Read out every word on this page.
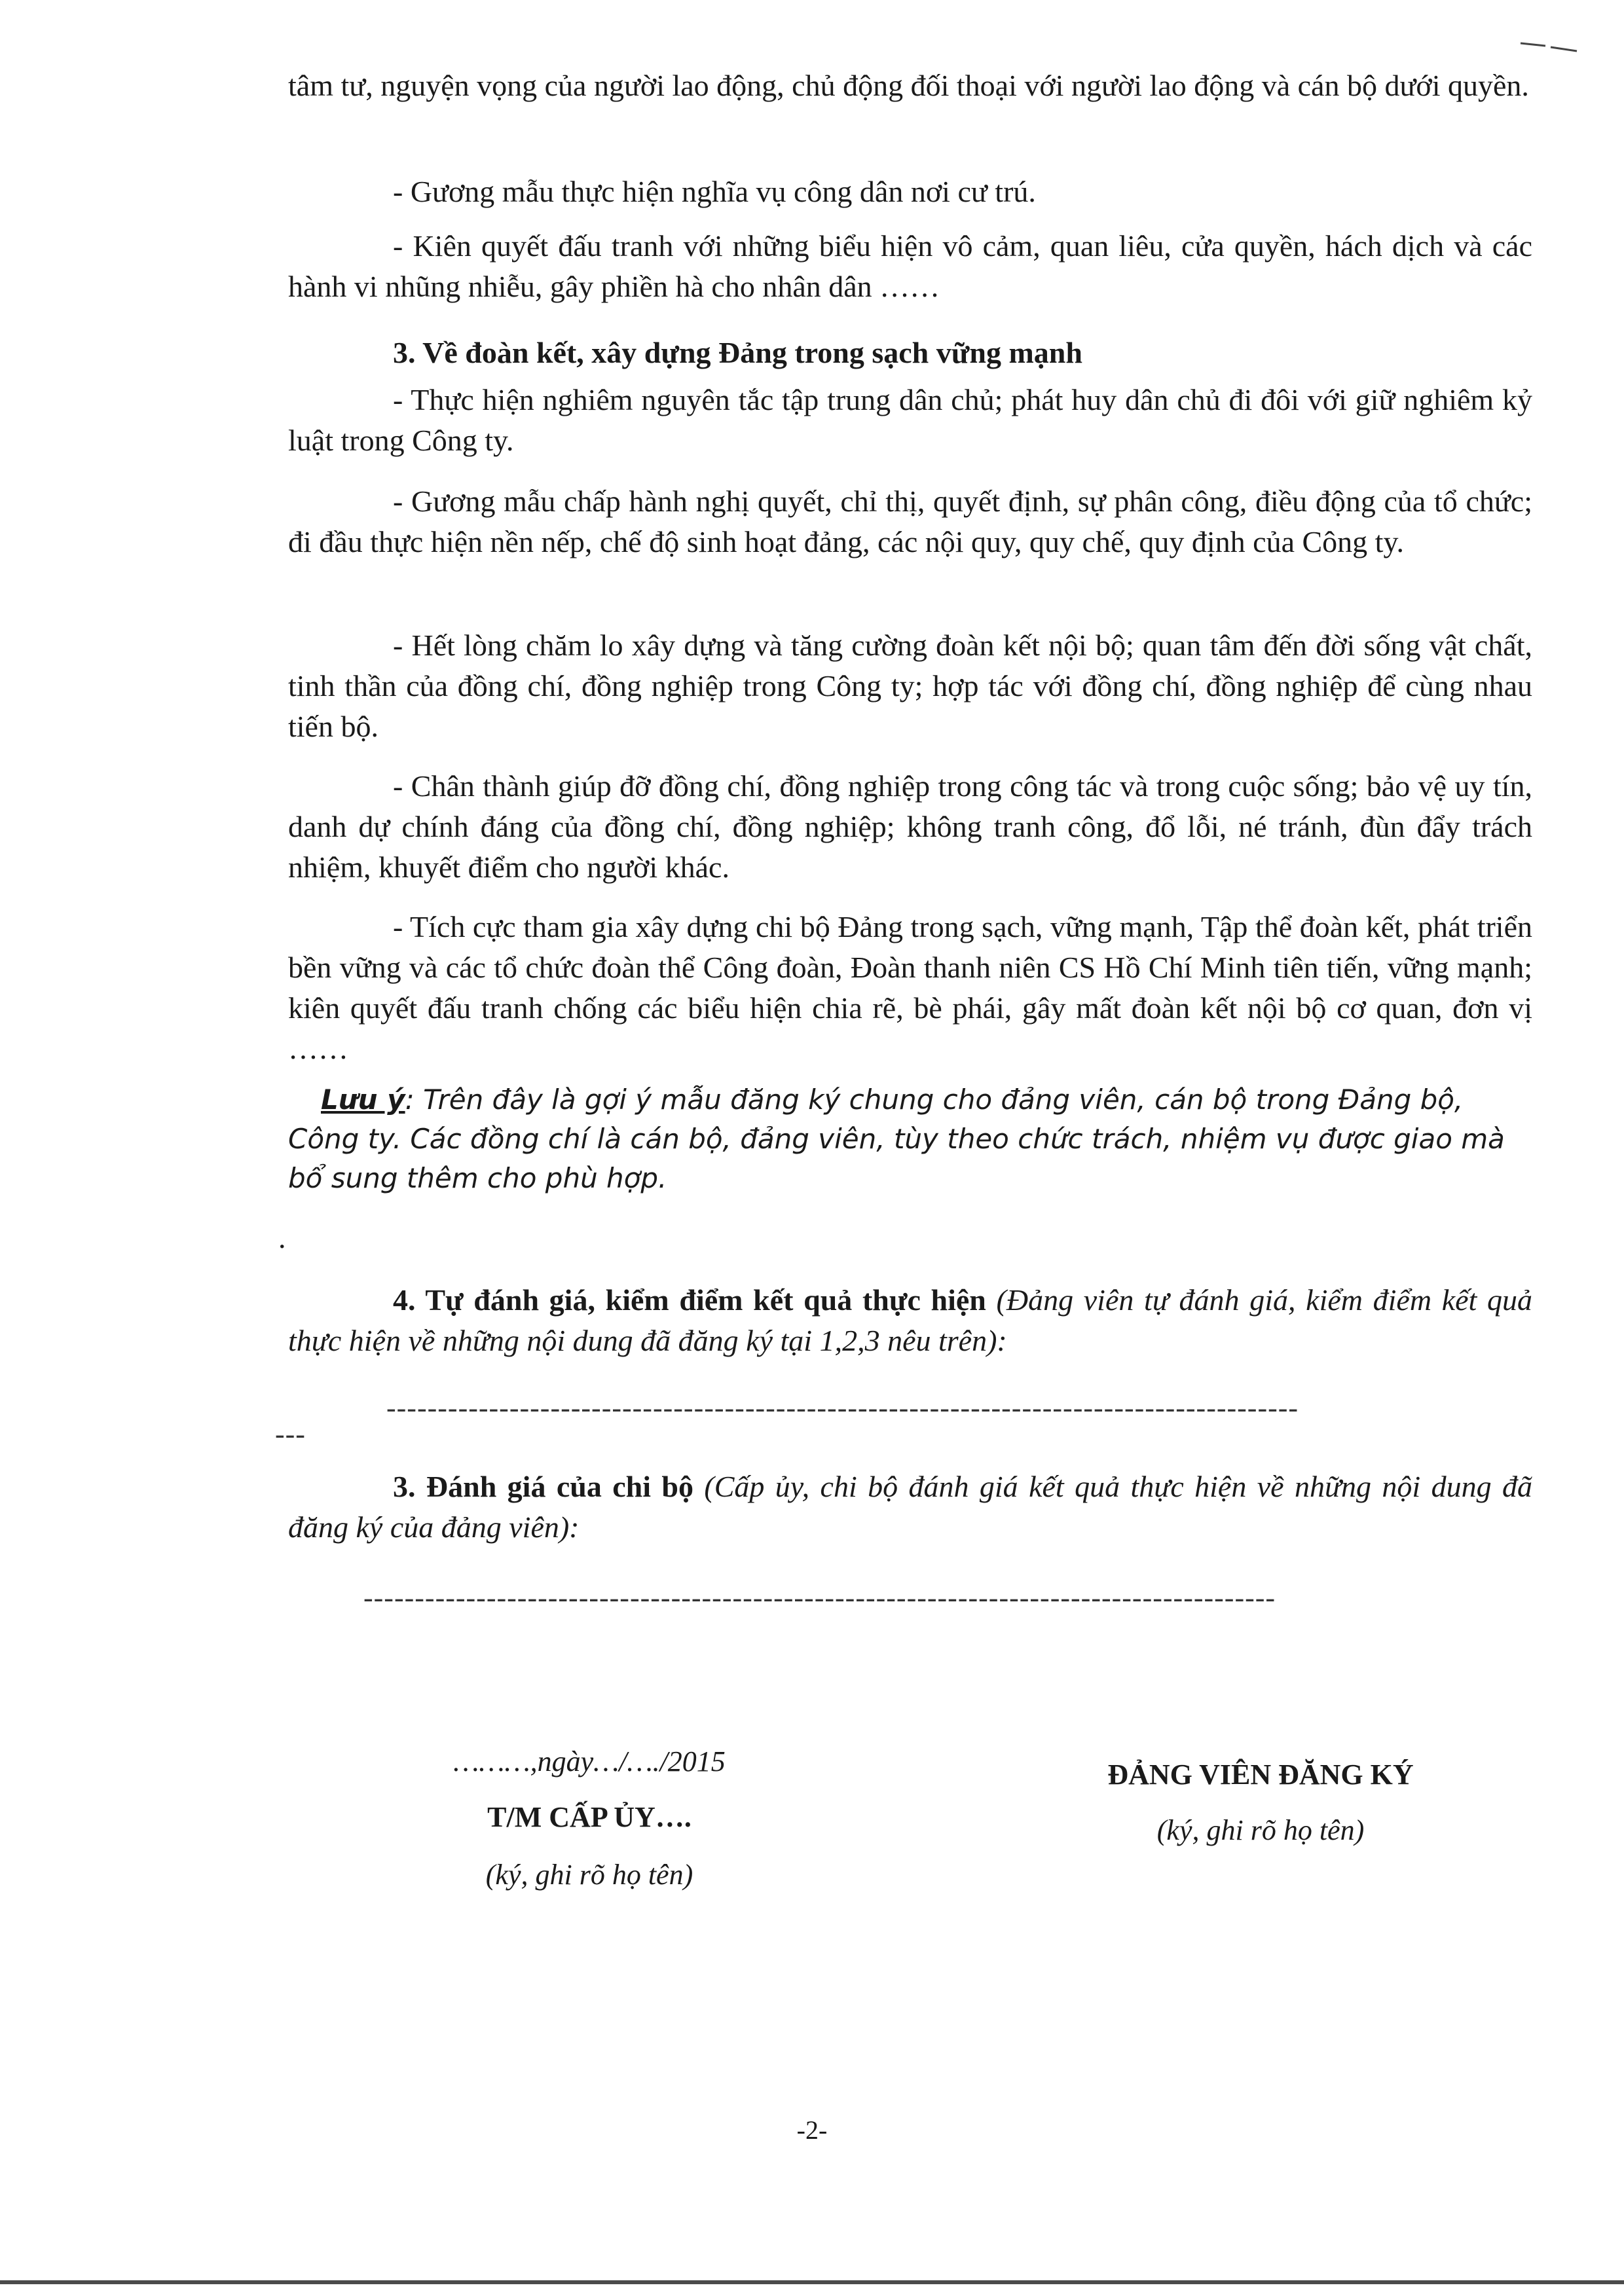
tâm tư, nguyện vọng của người lao động, chủ động đối thoại với người lao động và cán bộ dưới quyền.
- Gương mẫu thực hiện nghĩa vụ công dân nơi cư trú.
- Kiên quyết đấu tranh với những biểu hiện vô cảm, quan liêu, cửa quyền, hách dịch và các hành vi nhũng nhiễu, gây phiền hà cho nhân dân ……
3. Về đoàn kết, xây dựng Đảng trong sạch vững mạnh
- Thực hiện nghiêm nguyên tắc tập trung dân chủ; phát huy dân chủ đi đôi với giữ nghiêm kỷ luật trong Công ty.
- Gương mẫu chấp hành nghị quyết, chỉ thị, quyết định, sự phân công, điều động của tổ chức; đi đầu thực hiện nền nếp, chế độ sinh hoạt đảng, các nội quy, quy chế, quy định của Công ty.
- Hết lòng chăm lo xây dựng và tăng cường đoàn kết nội bộ; quan tâm đến đời sống vật chất, tinh thần của đồng chí, đồng nghiệp trong Công ty; hợp tác với đồng chí, đồng nghiệp để cùng nhau tiến bộ.
- Chân thành giúp đỡ đồng chí, đồng nghiệp trong công tác và trong cuộc sống; bảo vệ uy tín, danh dự chính đáng của đồng chí, đồng nghiệp; không tranh công, đổ lỗi, né tránh, đùn đẩy trách nhiệm, khuyết điểm cho người khác.
- Tích cực tham gia xây dựng chi bộ Đảng trong sạch, vững mạnh, Tập thể đoàn kết, phát triển bền vững và các tổ chức đoàn thể Công đoàn, Đoàn thanh niên CS Hồ Chí Minh tiên tiến, vững mạnh; kiên quyết đấu tranh chống các biểu hiện chia rẽ, bè phái, gây mất đoàn kết nội bộ cơ quan, đơn vị ……
Lưu ý: Trên đây là gợi ý mẫu đăng ký chung cho đảng viên, cán bộ trong Đảng bộ, Công ty. Các đồng chí là cán bộ, đảng viên, tùy theo chức trách, nhiệm vụ được giao mà bổ sung thêm cho phù hợp.
.
4. Tự đánh giá, kiểm điểm kết quả thực hiện (Đảng viên tự đánh giá, kiểm điểm kết quả thực hiện về những nội dung đã đăng ký tại 1,2,3 nêu trên):
-----------------------------------------------------------------------------------------
---
3. Đánh giá của chi bộ (Cấp ủy, chi bộ đánh giá kết quả thực hiện về những nội dung đã đăng ký của đảng viên):
-----------------------------------------------------------------------------------------
………,ngày…/…./2015
T/M CẤP ỦY….
(ký, ghi rõ họ tên)
ĐẢNG VIÊN ĐĂNG KÝ
(ký, ghi rõ họ tên)
-2-
